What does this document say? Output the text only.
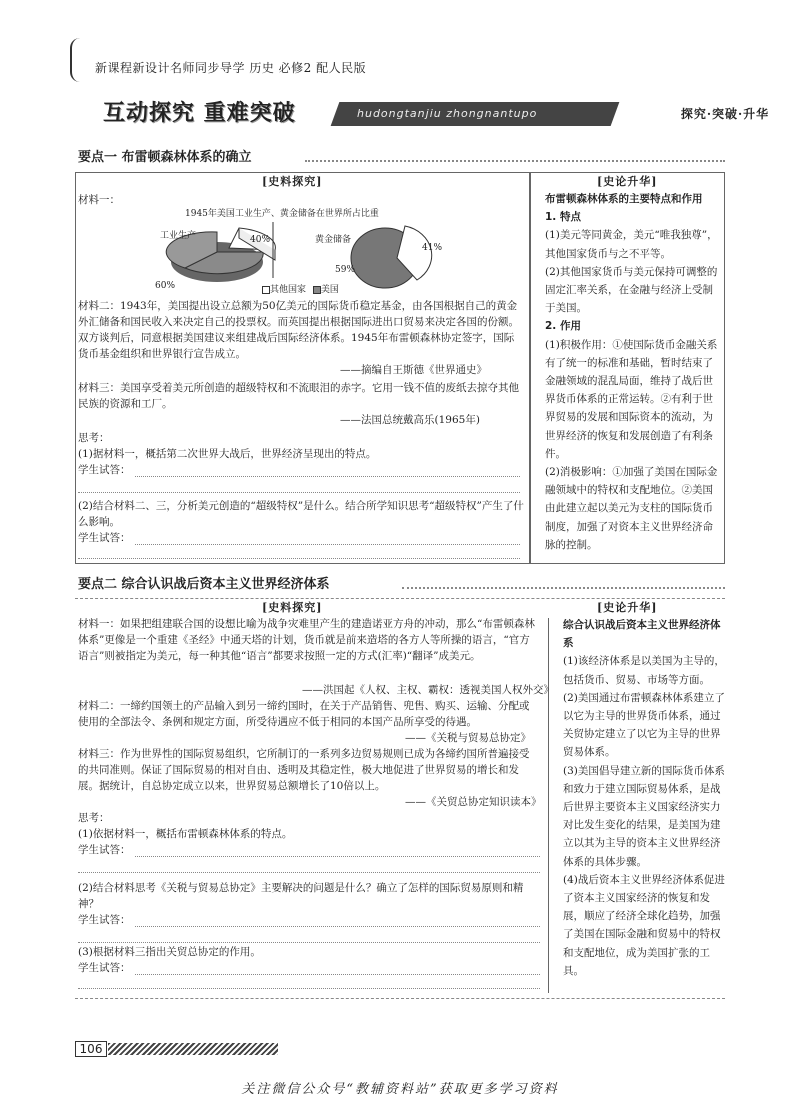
新课程新设计名师同步导学 历史 必修2 配人民版
互动探究 重难突破	hudongtanjiu zhongnantupo	探究·突破·升华
要点一 布雷顿森林体系的确立
[史料探究]	[史论升华]
材料一：
1945年美国工业生产、黄金储备在世界所占比重
工业生产	40%
60%
黄金储备
41%
59%
其他国家 美国
材料二：1943年，美国提出设立总额为50亿美元的国际货币稳定基金，由各国根据自己的黄金外汇储备和国民收入来决定自己的投票权。而英国提出根据国际进出口贸易来决定各国的份额。双方谈判后，同意根据美国建议来组建战后国际经济体系。1945年布雷顿森林协定签字，国际货币基金组织和世界银行宣告成立。
——摘编自王斯德《世界通史》
材料三：美国享受着美元所创造的超级特权和不流眼泪的赤字。它用一钱不值的废纸去掠夺其他民族的资源和工厂。
——法国总统戴高乐(1965年)
思考：
(1)据材料一，概括第二次世界大战后，世界经济呈现出的特点。
学生试答：
(2)结合材料二、三，分析美元创造的“超级特权”是什么。结合所学知识思考“超级特权”产生了什么影响。
学生试答：
布雷顿森林体系的主要特点和作用
1. 特点
(1)美元等同黄金，美元“唯我独尊”，其他国家货币与之不平等。
(2)其他国家货币与美元保持可调整的固定汇率关系，在金融与经济上受制于美国。
2. 作用
(1)积极作用：①使国际货币金融关系有了统一的标准和基础，暂时结束了金融领域的混乱局面，维持了战后世界货币体系的正常运转。②有利于世界贸易的发展和国际资本的流动，为世界经济的恢复和发展创造了有利条件。
(2)消极影响：①加强了美国在国际金融领域中的特权和支配地位。②美国由此建立起以美元为支柱的国际货币制度，加强了对资本主义世界经济命脉的控制。
要点二 综合认识战后资本主义世界经济体系
[史料探究]	[史论升华]
材料一：如果把组建联合国的设想比喻为战争灾难里产生的建造诺亚方舟的冲动，那么“布雷顿森林体系”更像是一个重建《圣经》中通天塔的计划，货币就是前来造塔的各方人等所操的语言，“官方语言”则被指定为美元，每一种其他“语言”都要求按照一定的方式(汇率)“翻译”成美元。
——洪国起《人权、主权、霸权：透视美国人权外交》
材料二：一缔约国领土的产品输入到另一缔约国时，在关于产品销售、兜售、购买、运输、分配或使用的全部法令、条例和规定方面，所受待遇应不低于相同的本国产品所享受的待遇。
——《关税与贸易总协定》
材料三：作为世界性的国际贸易组织，它所制订的一系列多边贸易规则已成为各缔约国所普遍接受的共同准则。保证了国际贸易的相对自由、透明及其稳定性，极大地促进了世界贸易的增长和发展。据统计，自总协定成立以来，世界贸易总额增长了10倍以上。
——《关贸总协定知识读本》
思考：
(1)依据材料一，概括布雷顿森林体系的特点。
学生试答：
(2)结合材料思考《关税与贸易总协定》主要解决的问题是什么？确立了怎样的国际贸易原则和精神？
学生试答：
(3)根据材料三指出关贸总协定的作用。
学生试答：
综合认识战后资本主义世界经济体系
(1)该经济体系是以美国为主导的，包括货币、贸易、市场等方面。
(2)美国通过布雷顿森林体系建立了以它为主导的世界货币体系，通过关贸协定建立了以它为主导的世界贸易体系。
(3)美国倡导建立新的国际货币体系和致力于建立国际贸易体系，是战后世界主要资本主义国家经济实力对比发生变化的结果，是美国为建立以其为主导的资本主义世界经济体系的具体步骤。
(4)战后资本主义世界经济体系促进了资本主义国家经济的恢复和发展，顺应了经济全球化趋势，加强了美国在国际金融和贸易中的特权和支配地位，成为美国扩张的工具。
106
关注微信公众号“教辅资料站”获取更多学习资料
